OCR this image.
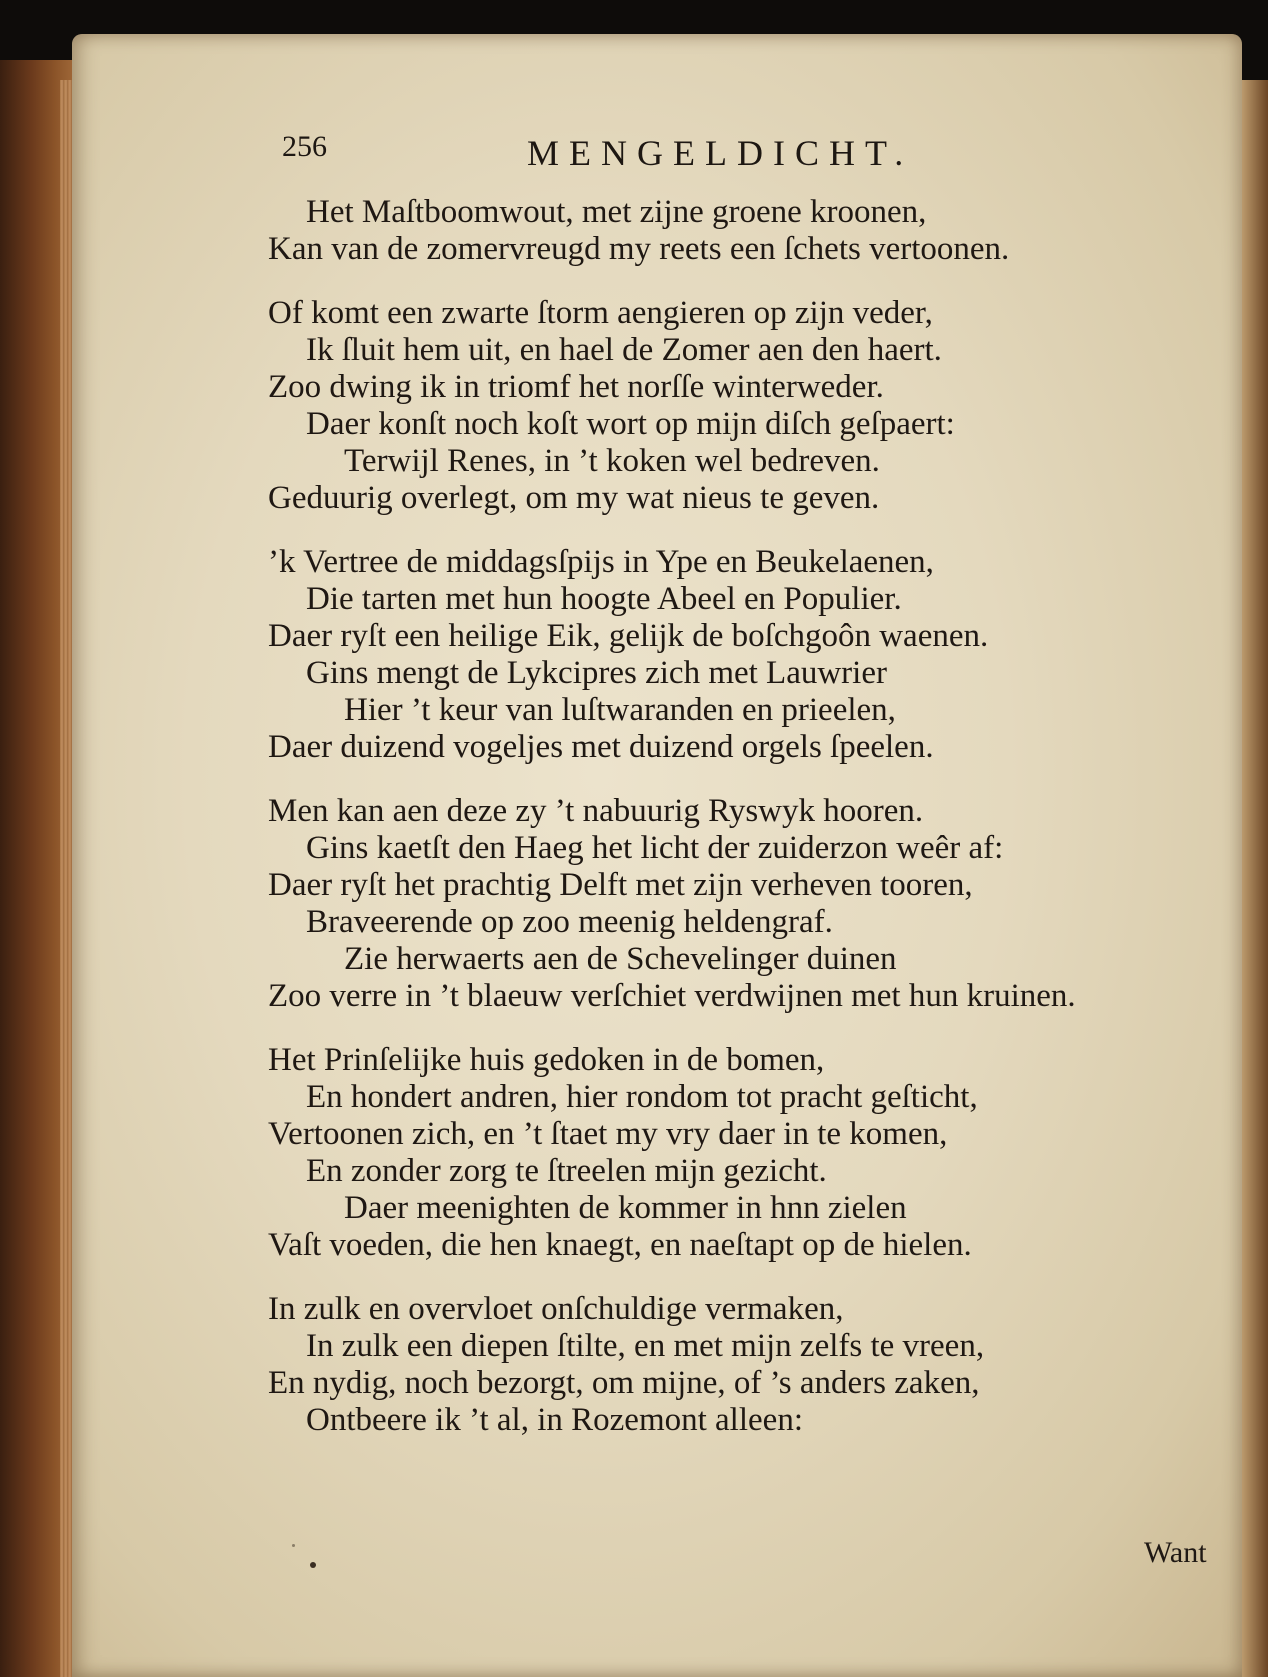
256	MENGELDICHT.
Het Maſtboomwout, met zijne groene kroonen,
Kan van de zomervreugd my reets een ſchets vertoonen.
Of komt een zwarte ſtorm aengieren op zijn veder,
Ik ſluit hem uit, en hael de Zomer aen den haert.
Zoo dwing ik in triomf het norſſe winterweder.
Daer konſt noch koſt wort op mijn diſch geſpaert:
Terwijl Renes, in ’t koken wel bedreven.
Geduurig overlegt, om my wat nieus te geven.
’k Vertree de middagsſpijs in Ype en Beukelaenen,
Die tarten met hun hoogte Abeel en Populier.
Daer ryſt een heilige Eik, gelijk de boſchgoôn waenen.
Gins mengt de Lykcipres zich met Lauwrier
Hier ’t keur van luſtwaranden en prieelen,
Daer duizend vogeljes met duizend orgels ſpeelen.
Men kan aen deze zy ’t nabuurig Ryswyk hooren.
Gins kaetſt den Haeg het licht der zuiderzon weêr af:
Daer ryſt het prachtig Delft met zijn verheven tooren,
Braveerende op zoo meenig heldengraf.
Zie herwaerts aen de Schevelinger duinen
Zoo verre in ’t blaeuw verſchiet verdwijnen met hun kruinen.
Het Prinſelijke huis gedoken in de bomen,
En hondert andren, hier rondom tot pracht geſticht,
Vertoonen zich, en ’t ſtaet my vry daer in te komen,
En zonder zorg te ſtreelen mijn gezicht.
Daer meenighten de kommer in hnn zielen
Vaſt voeden, die hen knaegt, en naeſtapt op de hielen.
In zulk en overvloet onſchuldige vermaken,
In zulk een diepen ſtilte, en met mijn zelfs te vreen,
En nydig, noch bezorgt, om mijne, of ’s anders zaken,
Ontbeere ik ’t al, in Rozemont alleen:
Want
